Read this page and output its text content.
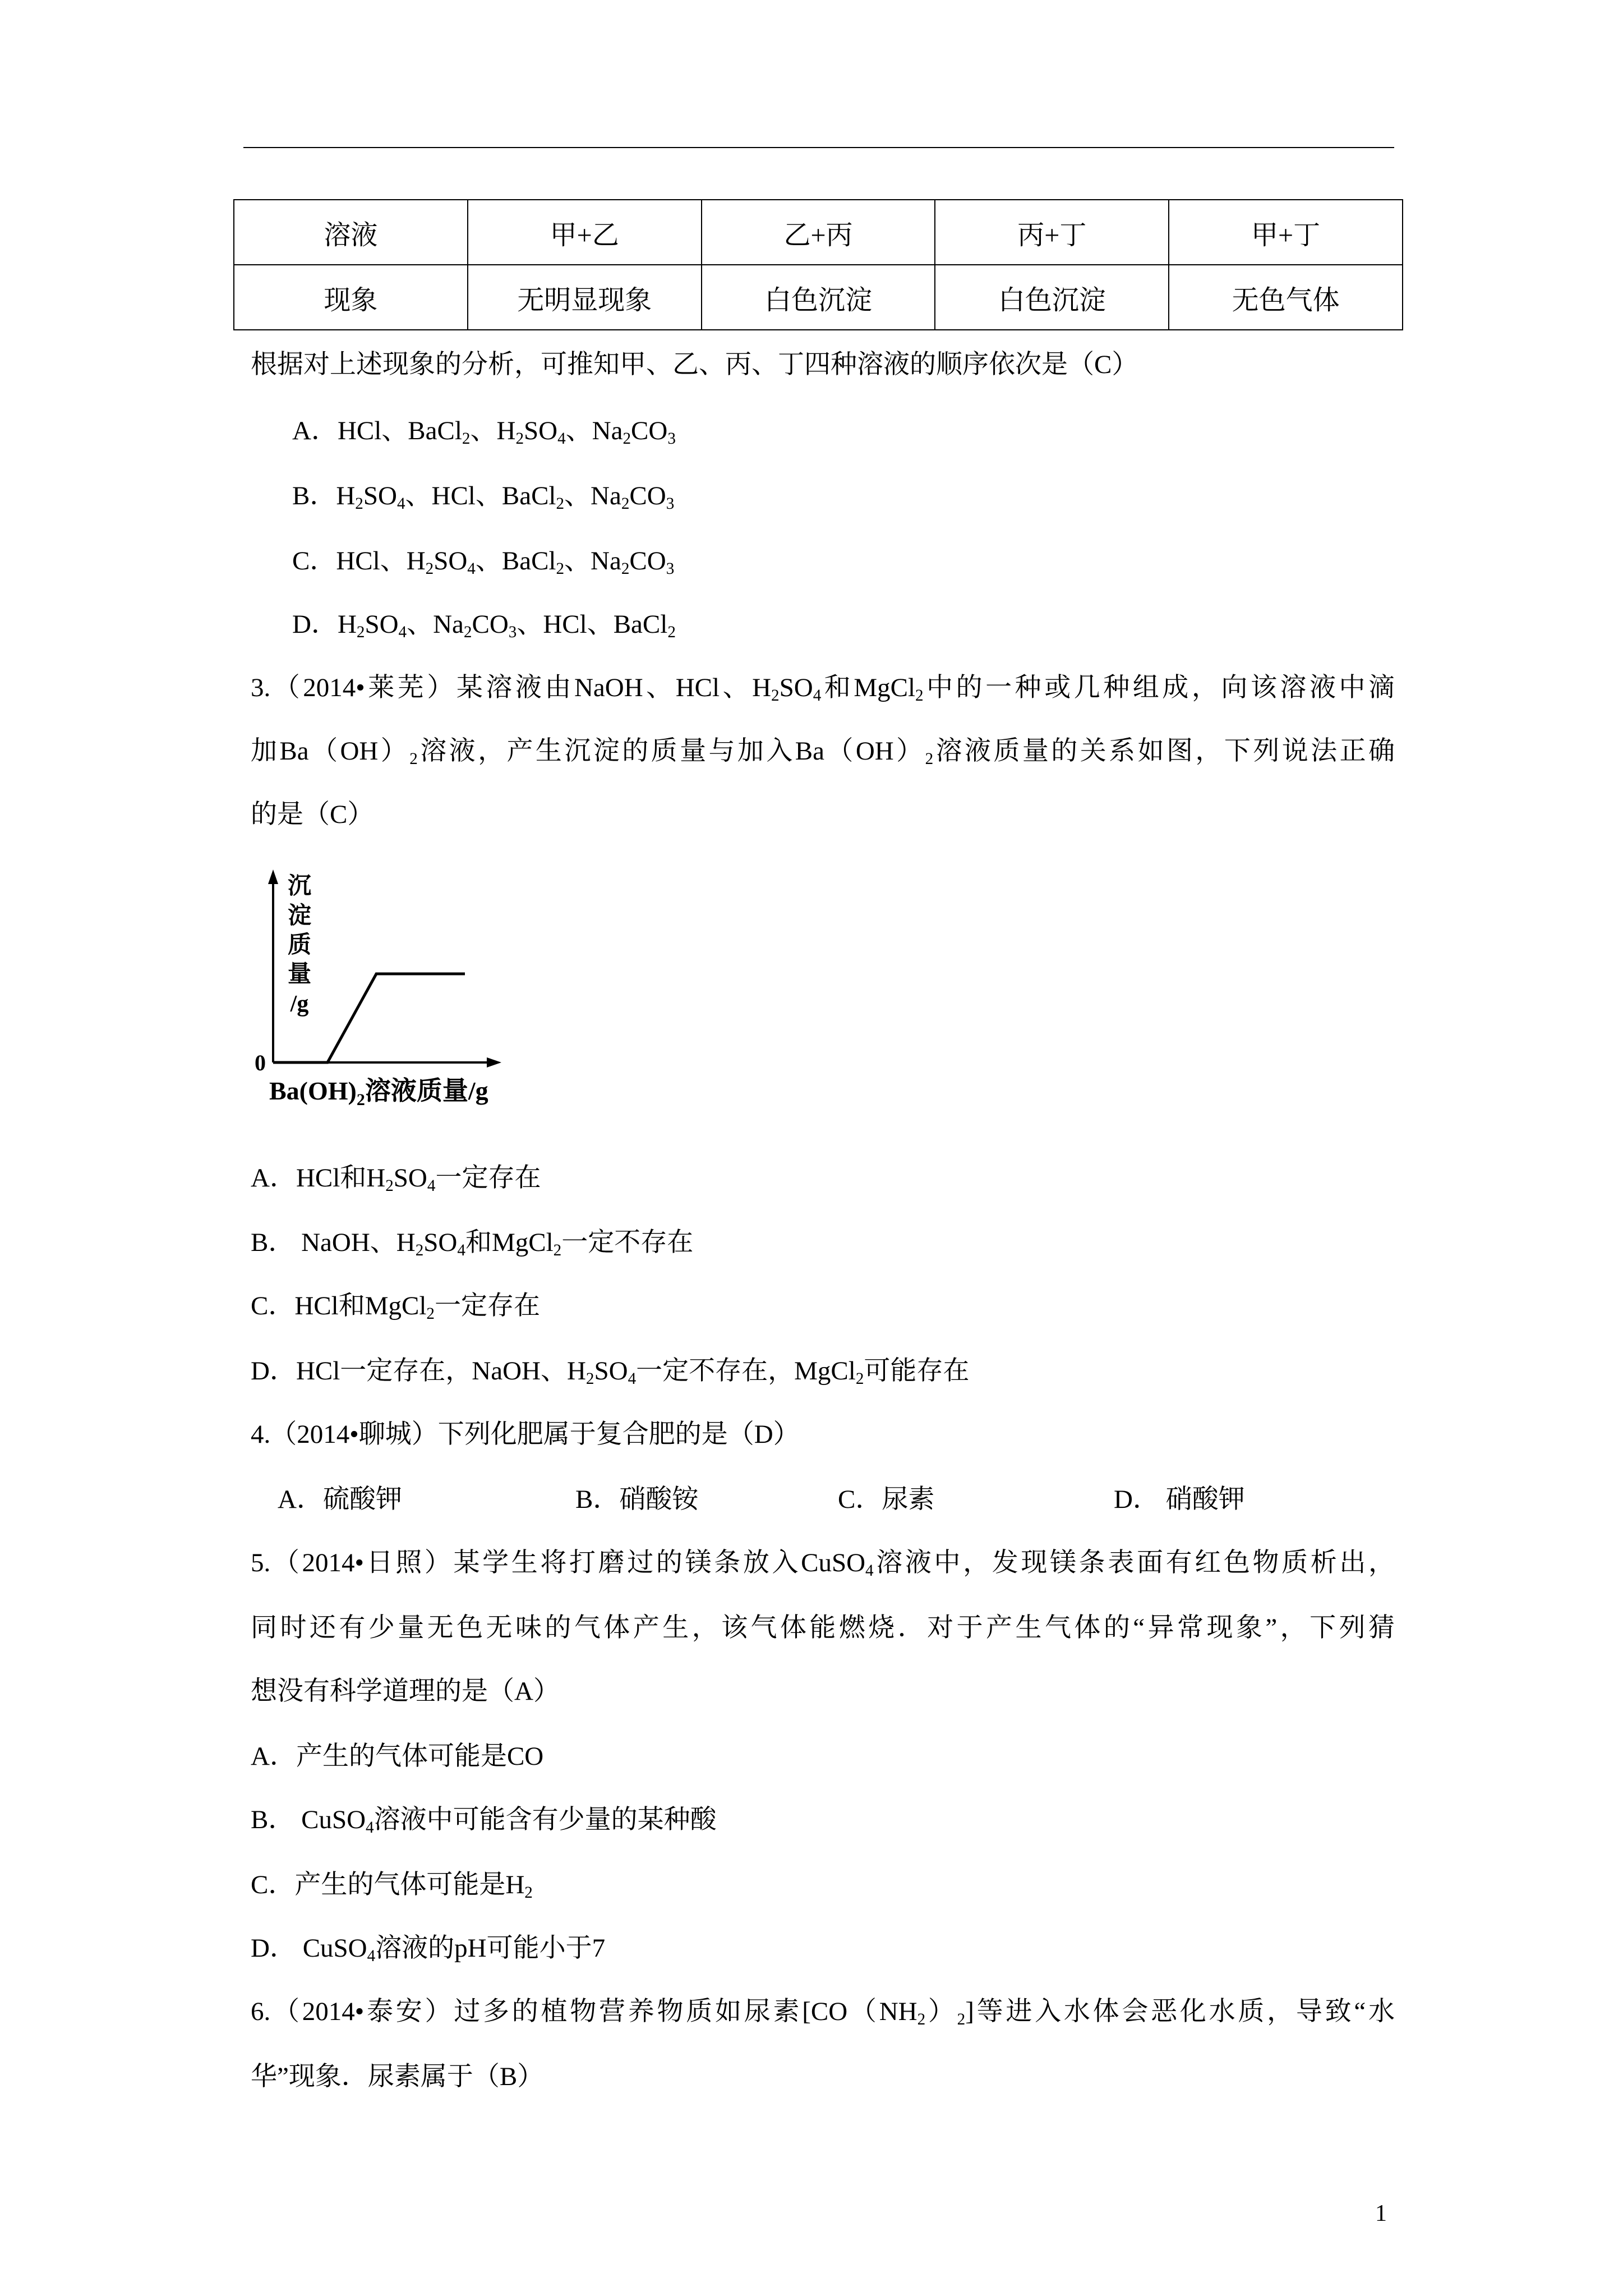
溶液	甲+乙	乙+丙	丙+丁	甲+丁
现象	无明显现象	白色沉淀	白色沉淀	无色气体
根据对上述现象的分析，可推知甲、乙、丙、丁四种溶液的顺序依次是（C）
A．HCl、BaCl$_2$、$H_2SO_4$、$Na_2CO_3$
B．$H_2SO_4$、HCl、BaCl$_2$、$Na_2CO_3$
C．HCl、$H_2SO_4$、BaCl$_2$、$Na_2CO_3$
D．$H_2SO_4$、$Na_2CO_3$、HCl、BaCl$_2$
3.（2014•莱芜）某溶液由NaOH、HCl、$H_2SO_4$和MgCl$_2$中的一种或几种组成，向该溶液中滴
加$Ba(OH)_2$溶液，产生沉淀的质量与加入$Ba(OH)_2$溶液质量的关系如图，下列说法正确
的是（C）
0
沉
淀
质
量
/g
$Ba(OH)_2$溶液质量/g
A．HCl和$H_2SO_4$一定存在
B． NaOH、$H_2SO_4$和MgCl$_2$一定不存在
C．HCl和MgCl$_2$一定存在
D．HCl一定存在，NaOH、$H_2SO_4$一定不存在，MgCl$_2$可能存在
4.（2014•聊城）下列化肥属于复合肥的是（D）
A．硫酸钾	B．硝酸铵	C．尿素	D． 硝酸钾
5.（2014•日照）某学生将打磨过的镁条放入CuSO$_4$溶液中，发现镁条表面有红色物质析出，
同时还有少量无色无味的气体产生，该气体能燃烧．对于产生气体的“异常现象”，下列猜
想没有科学道理的是（A）
A．产生的气体可能是CO
B． CuSO$_4$溶液中可能含有少量的某种酸
C．产生的气体可能是$H_2$
D． CuSO$_4$溶液的pH可能小于7
6.（2014•泰安）过多的植物营养物质如尿素$[CO(NH_2)_2]$等进入水体会恶化水质，导致“水
华”现象．尿素属于（B）
1
